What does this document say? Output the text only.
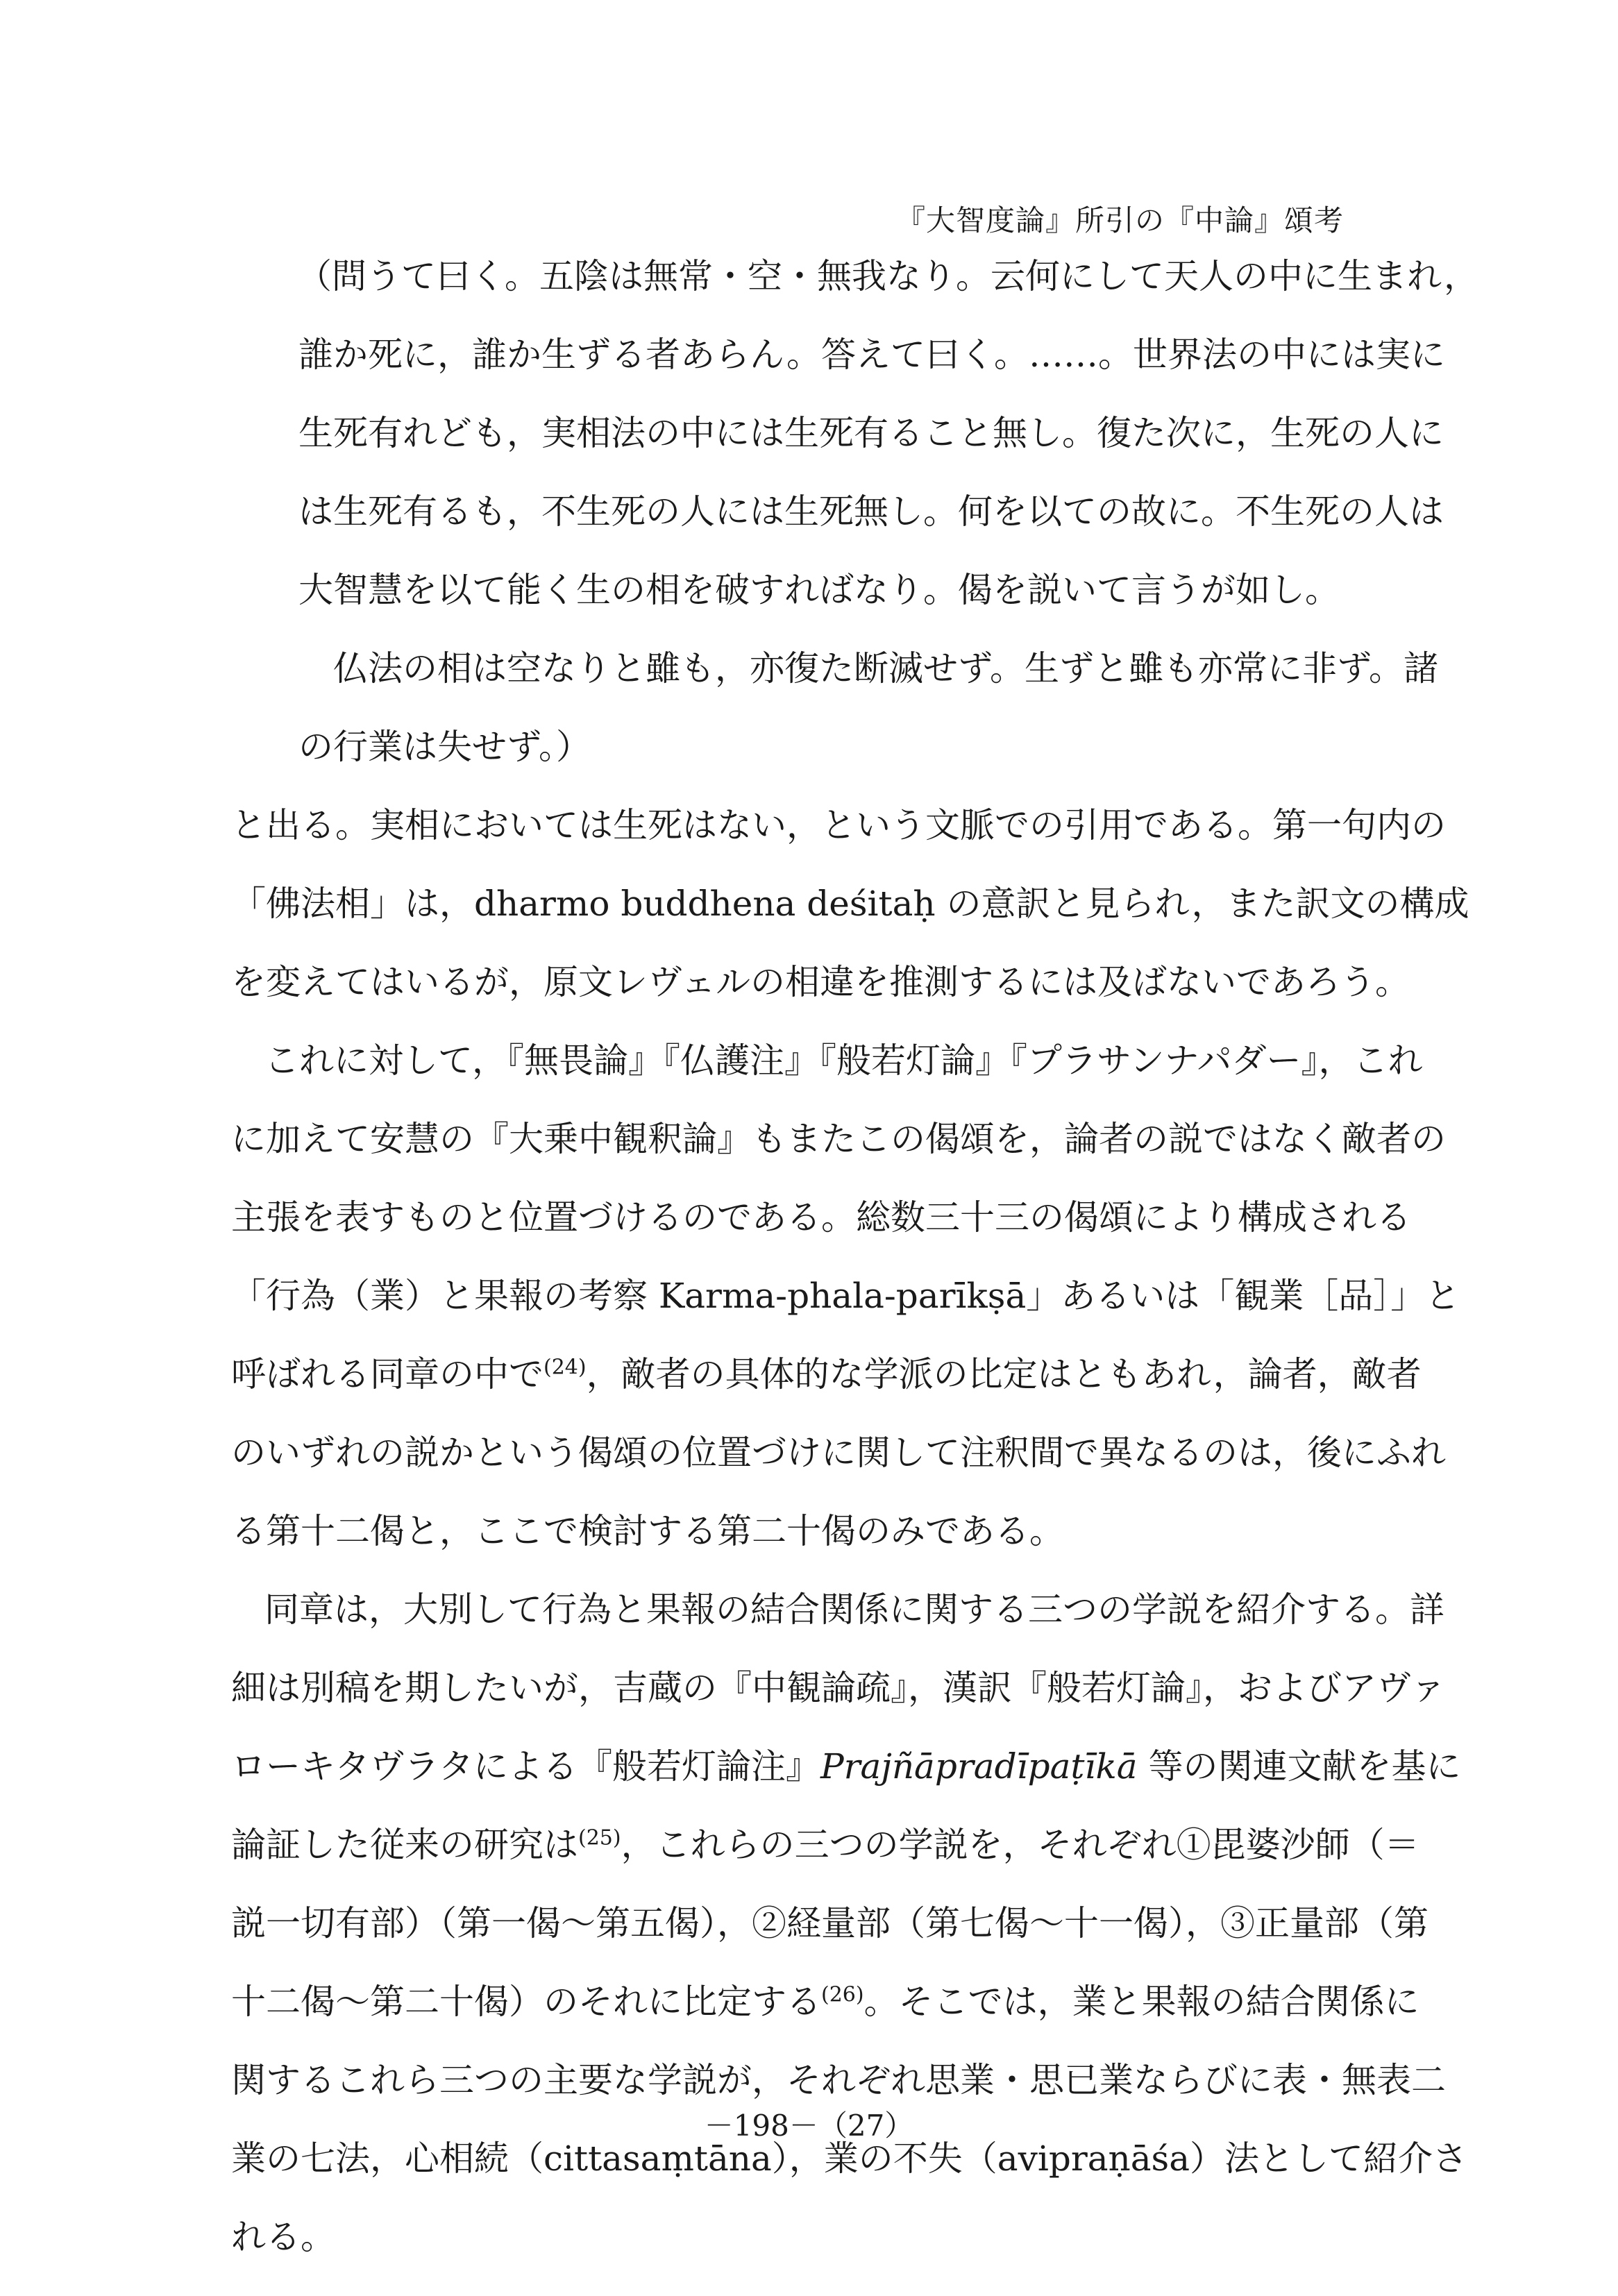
『大智度論』所引の『中論』頌考
（問うて曰く。五陰は無常・空・無我なり。云何にして天人の中に生まれ，
誰か死に，誰か生ずる者あらん。答えて曰く。……。世界法の中には実に
生死有れども，実相法の中には生死有ること無し。復た次に，生死の人に
は生死有るも，不生死の人には生死無し。何を以ての故に。不生死の人は
大智慧を以て能く生の相を破すればなり。偈を説いて言うが如し。
仏法の相は空なりと雖も，亦復た断滅せず。生ずと雖も亦常に非ず。諸
の行業は失せず。）
と出る。実相においては生死はない，という文脈での引用である。第一句内の
「佛法相」は，dharmo buddhena deśitaḥ の意訳と見られ，また訳文の構成
を変えてはいるが，原文レヴェルの相違を推測するには及ばないであろう。
これに対して，『無畏論』『仏護注』『般若灯論』『プラサンナパダー』，これ
に加えて安慧の『大乗中観釈論』もまたこの偈頌を，論者の説ではなく敵者の
主張を表すものと位置づけるのである。総数三十三の偈頌により構成される
「行為（業）と果報の考察 Karma-phala-parīkṣā」あるいは「観業［品］」と
呼ばれる同章の中で$^{(24)}$，敵者の具体的な学派の比定はともあれ，論者，敵者
のいずれの説かという偈頌の位置づけに関して注釈間で異なるのは，後にふれ
る第十二偈と，ここで検討する第二十偈のみである。
同章は，大別して行為と果報の結合関係に関する三つの学説を紹介する。詳
細は別稿を期したいが，吉蔵の『中観論疏』，漢訳『般若灯論』，およびアヴァ
ローキタヴラタによる『般若灯論注』Prajñāpradīpaṭīkā 等の関連文献を基に
論証した従来の研究は$^{(25)}$，これらの三つの学説を，それぞれ①毘婆沙師（＝
説一切有部）（第一偈～第五偈），②経量部（第七偈～十一偈），③正量部（第
十二偈～第二十偈）のそれに比定する$^{(26)}$。そこでは，業と果報の結合関係に
関するこれら三つの主要な学説が，それぞれ思業・思已業ならびに表・無表二
業の七法，心相続（cittasaṃtāna），業の不失（avipraṇāśa）法として紹介さ
れる。
－198－（27）
